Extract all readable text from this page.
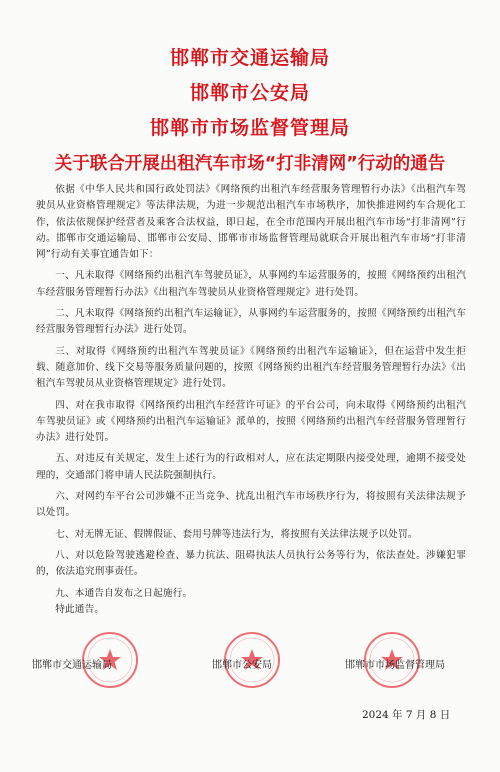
邯郸市交通运输局
邯郸市公安局
邯郸市市场监督管理局
关于联合开展出租汽车市场“打非清网”行动的通告

依据《中华人民共和国行政处罚法》《网络预约出租汽车经营服务管理暂行办法》《出租汽车驾驶员从业资格管理规定》等法律法规，为进一步规范出租汽车市场秩序，加快推进网约车合规化工作，依法依规保护经营者及乘客合法权益，即日起，在全市范围内开展出租汽车市场“打非清网”行动。邯郸市交通运输局、邯郸市公安局、邯郸市市场监督管理局就联合开展出租汽车市场“打非清网”行动有关事宜通告如下：

一、凡未取得《网络预约出租汽车驾驶员证》，从事网约车运营服务的，按照《网络预约出租汽车经营服务管理暂行办法》《出租汽车驾驶员从业资格管理规定》进行处罚。

二、凡未取得《网络预约出租汽车运输证》，从事网约车运营服务的，按照《网络预约出租汽车经营服务管理暂行办法》进行处罚。

三、对取得《网络预约出租汽车驾驶员证》《网络预约出租汽车运输证》，但在运营中发生拒载、随意加价、线下交易等服务质量问题的，按照《网络预约出租汽车经营服务管理暂行办法》《出租汽车驾驶员从业资格管理规定》进行处罚。

四、对在我市取得《网络预约出租汽车经营许可证》的平台公司，向未取得《网络预约出租汽车驾驶员证》或《网络预约出租汽车运输证》派单的，按照《网络预约出租汽车经营服务管理暂行办法》进行处罚。

五、对违反有关规定，发生上述行为的行政相对人，应在法定期限内接受处理，逾期不接受处理的，交通部门将申请人民法院强制执行。

六、对网约车平台公司涉嫌不正当竞争、扰乱出租汽车市场秩序行为，将按照有关法律法规予以处罚。

七、对无牌无证、假牌假证、套用号牌等违法行为，将按照有关法律法规予以处罚。

八、对以危险驾驶逃避检查、暴力抗法、阻碍执法人员执行公务等行为，依法查处。涉嫌犯罪的，依法追究刑事责任。

九、本通告自发布之日起施行。

特此通告。

邯郸市交通运输局	邯郸市公安局	邯郸市市场监督管理局
2024 年 7 月 8 日
